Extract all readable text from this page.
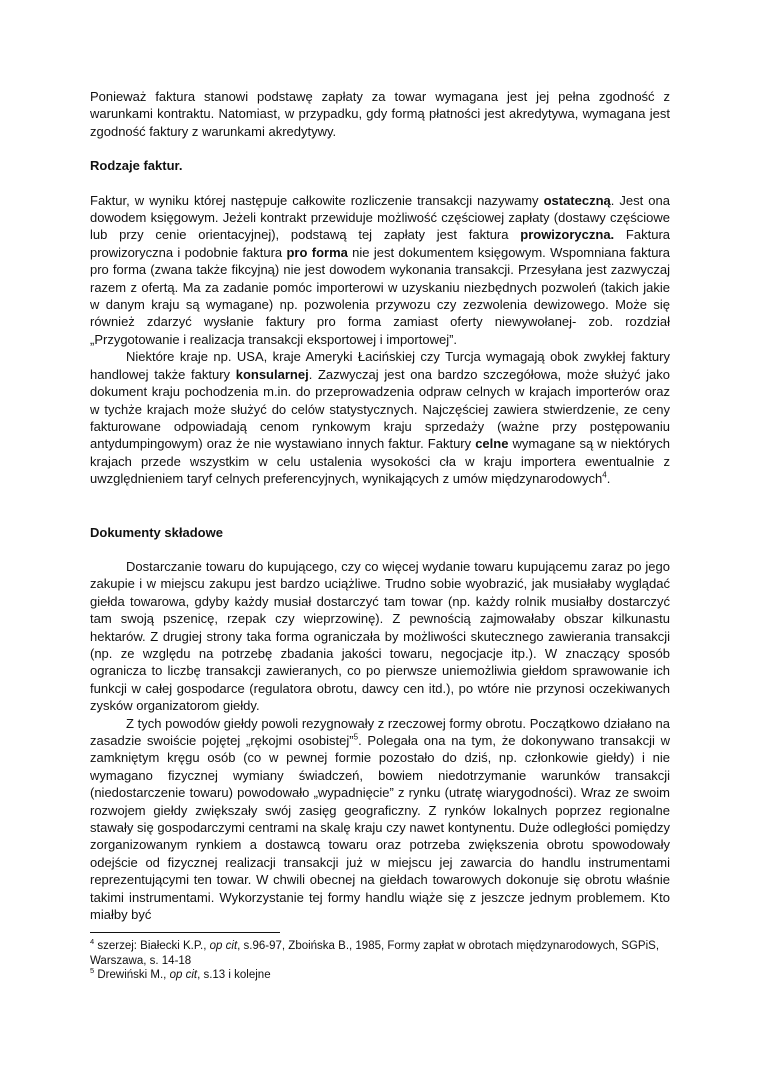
Ponieważ faktura stanowi podstawę zapłaty za towar wymagana jest jej pełna zgodność z warunkami kontraktu. Natomiast, w przypadku, gdy formą płatności jest akredytywa, wymagana jest zgodność faktury z warunkami akredytywy.

Rodzaje faktur.

Faktur, w wyniku której następuje całkowite rozliczenie transakcji nazywamy ostateczną. Jest ona dowodem księgowym. Jeżeli kontrakt przewiduje możliwość częściowej zapłaty (dostawy częściowe lub przy cenie orientacyjnej), podstawą tej zapłaty jest faktura prowizoryczna. Faktura prowizoryczna i podobnie faktura pro forma nie jest dokumentem księgowym. Wspomniana faktura pro forma (zwana także fikcyjną) nie jest dowodem wykonania transakcji. Przesyłana jest zazwyczaj razem z ofertą. Ma za zadanie pomóc importerowi w uzyskaniu niezbędnych pozwoleń (takich jakie w danym kraju są wymagane) np. pozwolenia przywozu czy zezwolenia dewizowego. Może się również zdarzyć wysłanie faktury pro forma zamiast oferty niewywołanej- zob. rozdział „Przygotowanie i realizacja transakcji eksportowej i importowej”.

Niektóre kraje np. USA, kraje Ameryki Łacińskiej czy Turcja wymagają obok zwykłej faktury handlowej także faktury konsularnej. Zazwyczaj jest ona bardzo szczegółowa, może służyć jako dokument kraju pochodzenia m.in. do przeprowadzenia odpraw celnych w krajach importerów oraz w tychże krajach może służyć do celów statystycznych. Najczęściej zawiera stwierdzenie, ze ceny fakturowane odpowiadają cenom rynkowym kraju sprzedaży (ważne przy postępowaniu antydumpingowym) oraz że nie wystawiano innych faktur. Faktury celne wymagane są w niektórych krajach przede wszystkim w celu ustalenia wysokości cła w kraju importera ewentualnie z uwzględnieniem taryf celnych preferencyjnych, wynikających z umów międzynarodowych$^4$.

Dokumenty składowe

Dostarczanie towaru do kupującego, czy co więcej wydanie towaru kupującemu zaraz po jego zakupie i w miejscu zakupu jest bardzo uciążliwe. Trudno sobie wyobrazić, jak musiałaby wyglądać giełda towarowa, gdyby każdy musiał dostarczyć tam towar (np. każdy rolnik musiałby dostarczyć tam swoją pszenicę, rzepak czy wieprzowinę). Z pewnością zajmowałaby obszar kilkunastu hektarów. Z drugiej strony taka forma ograniczała by możliwości skutecznego zawierania transakcji (np. ze względu na potrzebę zbadania jakości towaru, negocjacje itp.). W znaczący sposób ogranicza to liczbę transakcji zawieranych, co po pierwsze uniemożliwia giełdom sprawowanie ich funkcji w całej gospodarce (regulatora obrotu, dawcy cen itd.), po wtóre nie przynosi oczekiwanych zysków organizatorom giełdy.

Z tych powodów giełdy powoli rezygnowały z rzeczowej formy obrotu. Początkowo działano na zasadzie swoiście pojętej „rękojmi osobistej”$^5$. Polegała ona na tym, że dokonywano transakcji w zamkniętym kręgu osób (co w pewnej formie pozostało do dziś, np. członkowie giełdy) i nie wymagano fizycznej wymiany świadczeń, bowiem niedotrzymanie warunków transakcji (niedostarczenie towaru) powodowało „wypadnięcie” z rynku (utratę wiarygodności). Wraz ze swoim rozwojem giełdy zwiększały swój zasięg geograficzny. Z rynków lokalnych poprzez regionalne stawały się gospodarczymi centrami na skalę kraju czy nawet kontynentu. Duże odległości pomiędzy zorganizowanym rynkiem a dostawcą towaru oraz potrzeba zwiększenia obrotu spowodowały odejście od fizycznej realizacji transakcji już w miejscu jej zawarcia do handlu instrumentami reprezentującymi ten towar. W chwili obecnej na giełdach towarowych dokonuje się obrotu właśnie takimi instrumentami. Wykorzystanie tej formy handlu wiąże się z jeszcze jednym problemem. Kto miałby być

$^4$ szerzej: Białecki K.P., op cit, s.96-97, Zboińska B., 1985, Formy zapłat w obrotach międzynarodowych, SGPiS, Warszawa, s. 14-18

$^5$ Drewiński M., op cit, s.13 i kolejne
